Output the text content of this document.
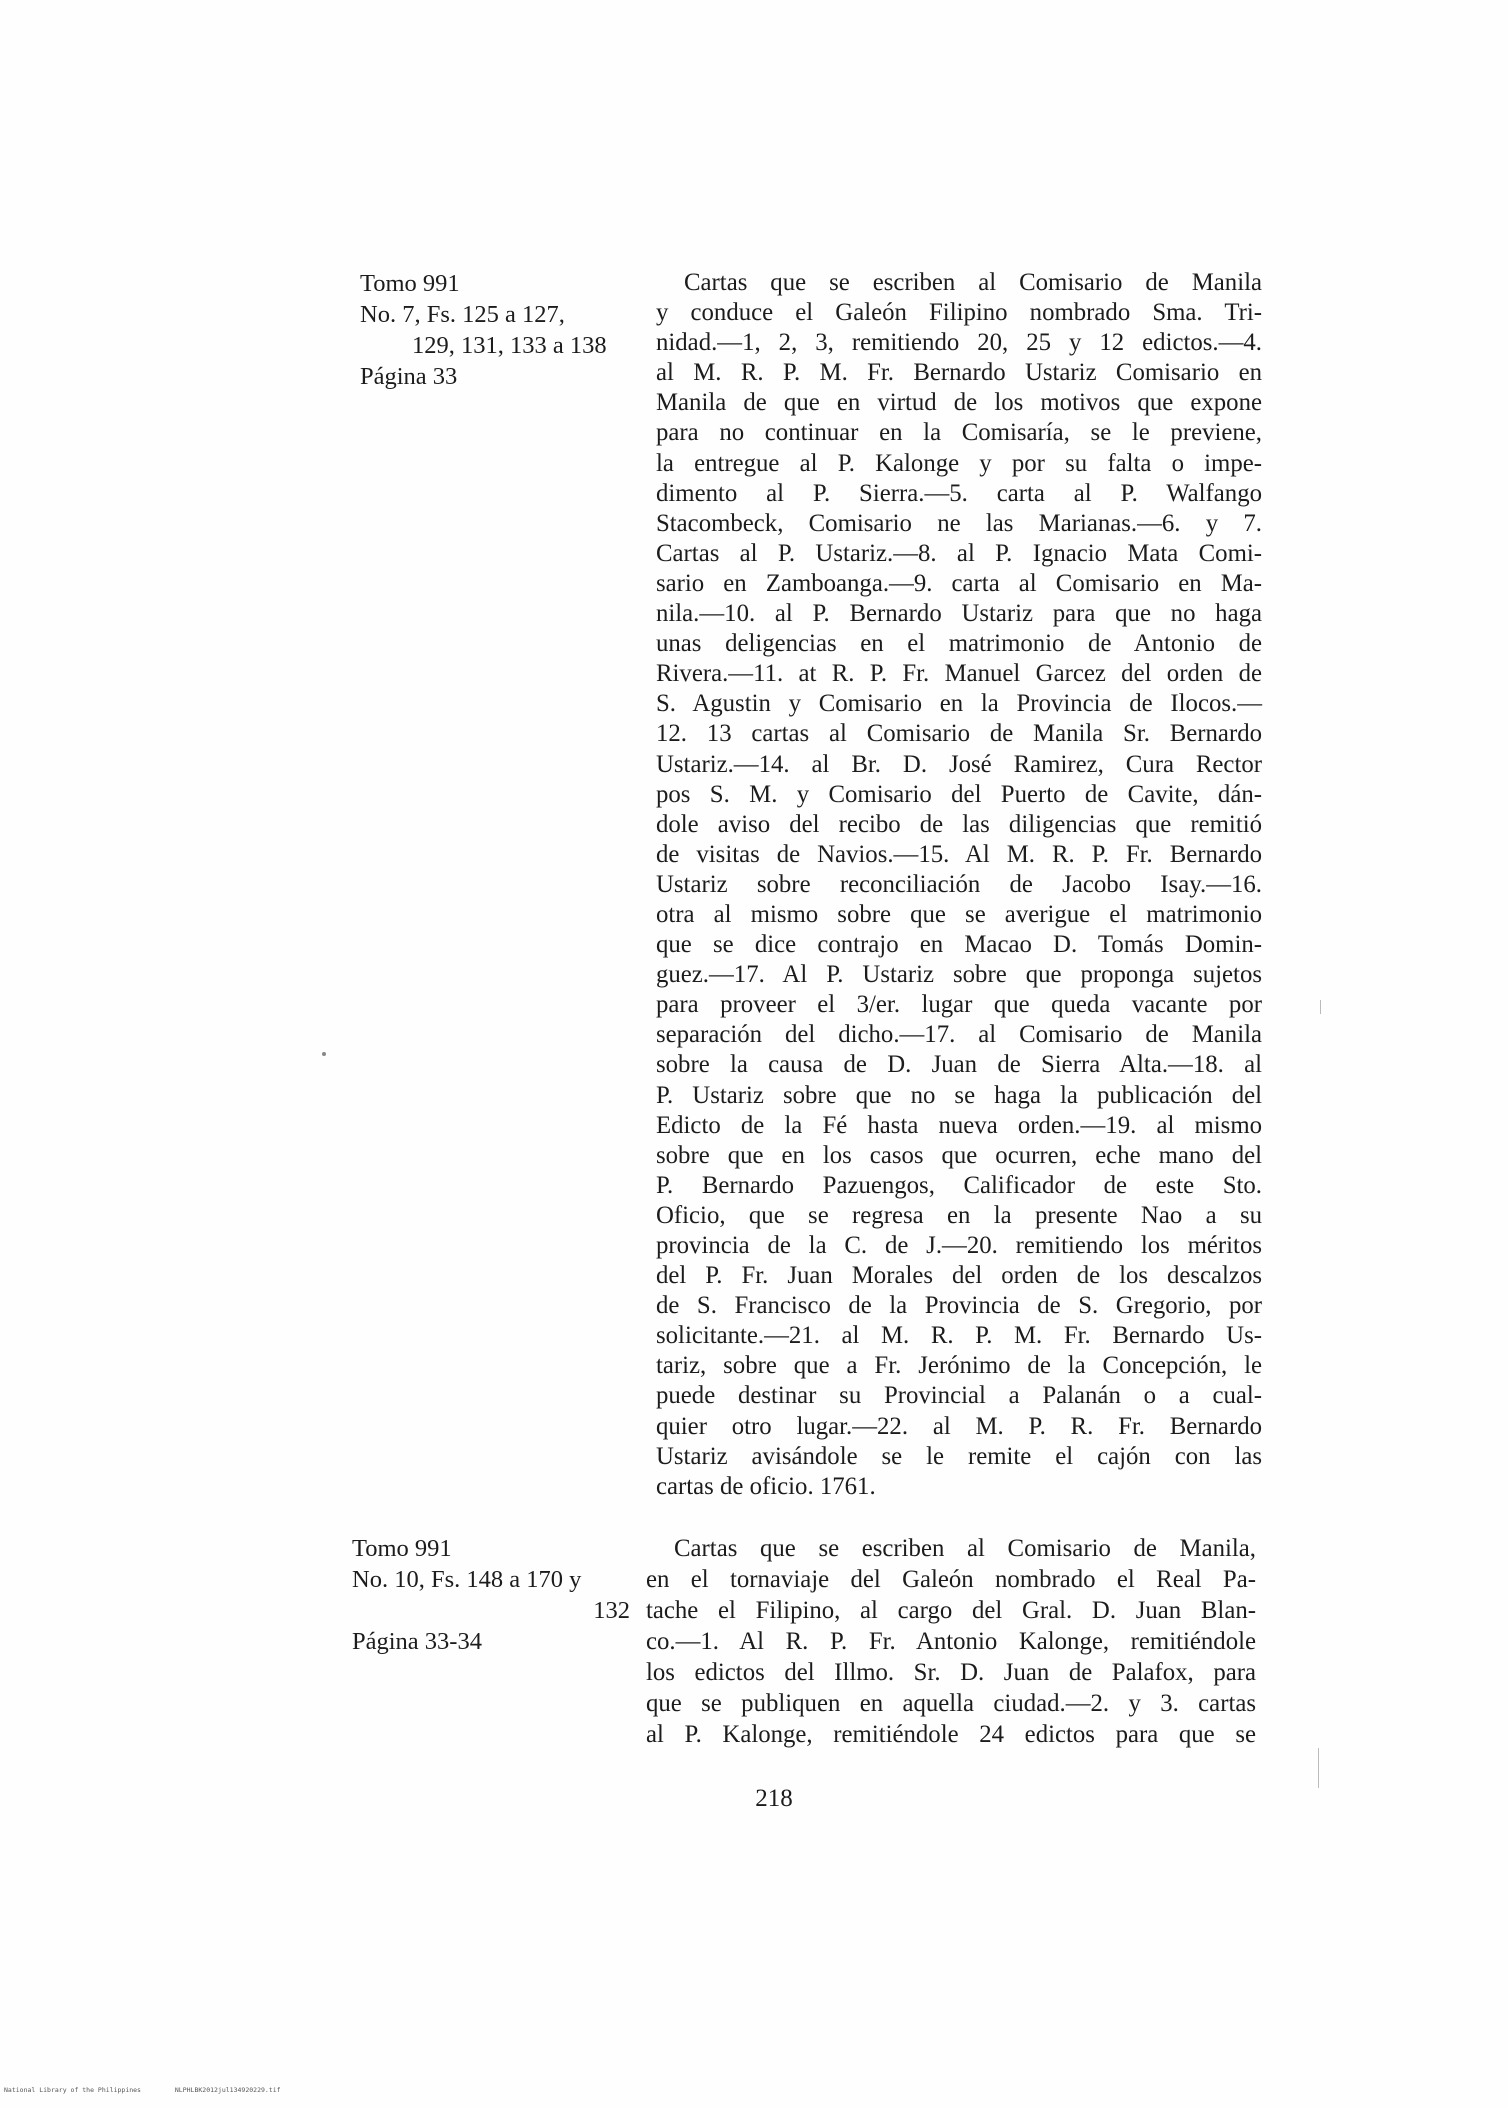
Tomo 991
No. 7, Fs. 125 a 127,
129, 131, 133 a 138
Página 33
Cartas que se escriben al Comisario de Manila
y conduce el Galeón Filipino nombrado Sma. Tri-
nidad.—1, 2, 3, remitiendo 20, 25 y 12 edictos.—4.
al M. R. P. M. Fr. Bernardo Ustariz Comisario en
Manila de que en virtud de los motivos que expone
para no continuar en la Comisaría, se le previene,
la entregue al P. Kalonge y por su falta o impe-
dimento al P. Sierra.—5. carta al P. Walfango
Stacombeck, Comisario ne las Marianas.—6. y 7.
Cartas al P. Ustariz.—8. al P. Ignacio Mata Comi-
sario en Zamboanga.—9. carta al Comisario en Ma-
nila.—10. al P. Bernardo Ustariz para que no haga
unas deligencias en el matrimonio de Antonio de
Rivera.—11. at R. P. Fr. Manuel Garcez del orden de
S. Agustin y Comisario en la Provincia de Ilocos.—
12. 13 cartas al Comisario de Manila Sr. Bernardo
Ustariz.—14. al Br. D. José Ramirez, Cura Rector
pos S. M. y Comisario del Puerto de Cavite, dán-
dole aviso del recibo de las diligencias que remitió
de visitas de Navios.—15. Al M. R. P. Fr. Bernardo
Ustariz sobre reconciliación de Jacobo Isay.—16.
otra al mismo sobre que se averigue el matrimonio
que se dice contrajo en Macao D. Tomás Domin-
guez.—17. Al P. Ustariz sobre que proponga sujetos
para proveer el 3/er. lugar que queda vacante por
separación del dicho.—17. al Comisario de Manila
sobre la causa de D. Juan de Sierra Alta.—18. al
P. Ustariz sobre que no se haga la publicación del
Edicto de la Fé hasta nueva orden.—19. al mismo
sobre que en los casos que ocurren, eche mano del
P. Bernardo Pazuengos, Calificador de este Sto.
Oficio, que se regresa en la presente Nao a su
provincia de la C. de J.—20. remitiendo los méritos
del P. Fr. Juan Morales del orden de los descalzos
de S. Francisco de la Provincia de S. Gregorio, por
solicitante.—21. al M. R. P. M. Fr. Bernardo Us-
tariz, sobre que a Fr. Jerónimo de la Concepción, le
puede destinar su Provincial a Palanán o a cual-
quier otro lugar.—22. al M. P. R. Fr. Bernardo
Ustariz avisándole se le remite el cajón con las
cartas de oficio. 1761.
Tomo 991
No. 10, Fs. 148 a 170 y
132
Página 33-34
Cartas que se escriben al Comisario de Manila,
en el tornaviaje del Galeón nombrado el Real Pa-
tache el Filipino, al cargo del Gral. D. Juan Blan-
co.—1. Al R. P. Fr. Antonio Kalonge, remitiéndole
los edictos del Illmo. Sr. D. Juan de Palafox, para
que se publiquen en aquella ciudad.—2. y 3. cartas
al P. Kalonge, remitiéndole 24 edictos para que se
218
National Library of the Philippines	NLPHLBK2012jul134920229.tif
